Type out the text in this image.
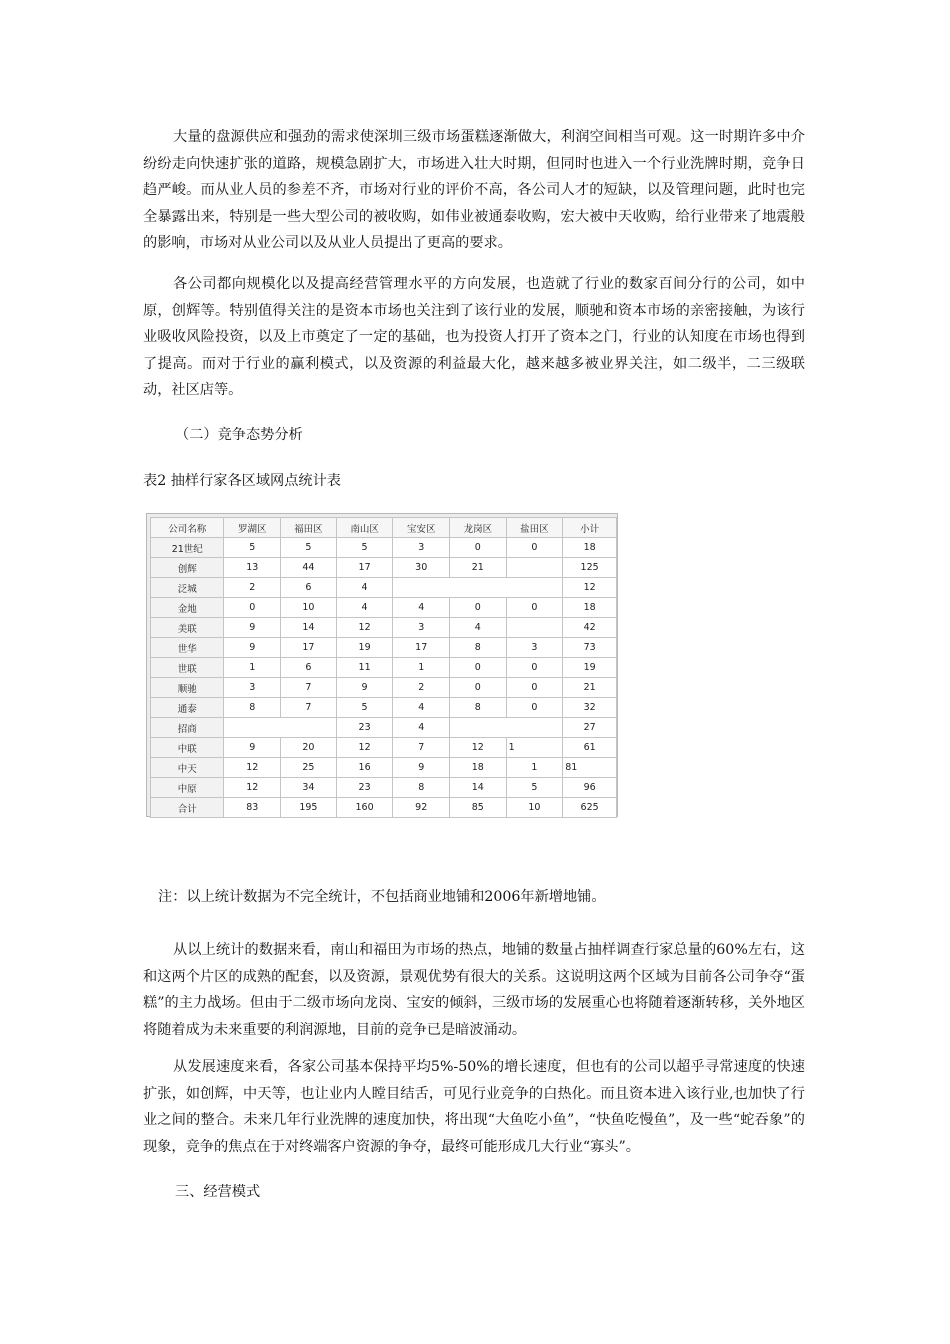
大量的盘源供应和强劲的需求使深圳三级市场蛋糕逐渐做大，利润空间相当可观。这一时期许多中介纷纷走向快速扩张的道路，规模急剧扩大，市场进入壮大时期，但同时也进入一个行业洗牌时期，竞争日趋严峻。而从业人员的参差不齐，市场对行业的评价不高，各公司人才的短缺，以及管理问题，此时也完全暴露出来，特别是一些大型公司的被收购，如伟业被通泰收购，宏大被中天收购，给行业带来了地震般的影响，市场对从业公司以及从业人员提出了更高的要求。

各公司都向规模化以及提高经营管理水平的方向发展，也造就了行业的数家百间分行的公司，如中原，创辉等。特别值得关注的是资本市场也关注到了该行业的发展，顺驰和资本市场的亲密接触，为该行业吸收风险投资，以及上市奠定了一定的基础，也为投资人打开了资本之门，行业的认知度在市场也得到了提高。而对于行业的赢利模式，以及资源的利益最大化，越来越多被业界关注，如二级半，二三级联动，社区店等。

（二）竞争态势分析

表2 抽样行家各区域网点统计表

公司名称	罗湖区	福田区	南山区	宝安区	龙岗区	盐田区	小计
21世纪	5	5	5	3	0	0	18
创辉	13	44	17	30	21		125
泛城	2	6	4				12
金地	0	10	4	4	0	0	18
美联	9	14	12	3	4		42
世华	9	17	19	17	8	3	73
世联	1	6	11	1	0	0	19
顺驰	3	7	9	2	0	0	21
通泰	8	7	5	4	8	0	32
招商			23	4			27
中联	9	20	12	7	12	1	61
中天	12	25	16	9	18	1	81
中原	12	34	23	8	14	5	96
合计	83	195	160	92	85	10	625

注：以上统计数据为不完全统计，不包括商业地铺和2006年新增地铺。

从以上统计的数据来看，南山和福田为市场的热点，地铺的数量占抽样调查行家总量的60%左右，这和这两个片区的成熟的配套，以及资源，景观优势有很大的关系。这说明这两个区域为目前各公司争夺“蛋糕”的主力战场。但由于二级市场向龙岗、宝安的倾斜，三级市场的发展重心也将随着逐渐转移，关外地区将随着成为未来重要的利润源地，目前的竞争已是暗波涌动。

从发展速度来看，各家公司基本保持平均5%-50%的增长速度，但也有的公司以超乎寻常速度的快速扩张，如创辉，中天等，也让业内人瞠目结舌，可见行业竞争的白热化。而且资本进入该行业,也加快了行业之间的整合。未来几年行业洗牌的速度加快，将出现“大鱼吃小鱼”，“快鱼吃慢鱼”，及一些“蛇吞象”的现象，竞争的焦点在于对终端客户资源的争夺，最终可能形成几大行业“寡头”。

三、经营模式
